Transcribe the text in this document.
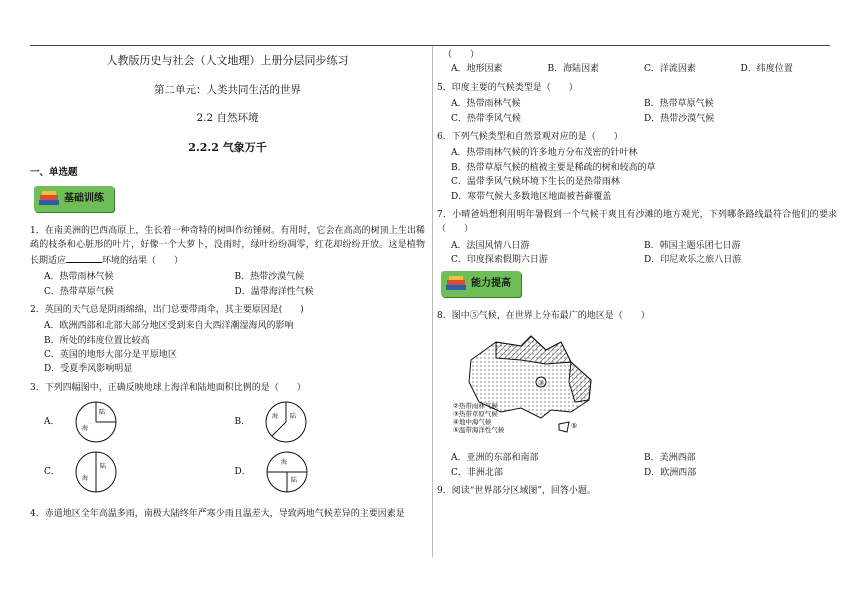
人教版历史与社会（人文地理）上册分层同步练习
第二单元：人类共同生活的世界
2.2 自然环境
2.2.2 气象万千
一、单选题
基础训练
1．在南美洲的巴西高原上，生长着一种奇特的树叫作纺锤树。有用时，它会在高高的树顶上生出稀疏的枝条和心脏形的叶片，好像一个大萝卜，没雨时，绿叶纷纷凋零，红花却纷纷开放。这是植物长期适应	环境的结果（　　）
A．热带雨林气候	B．热带沙漠气候
C．热带草原气候	D．温带海洋性气候
2．英国的天气总是阴雨绵绵，出门总要带雨伞，其主要原因是(　　)
A．欧洲西部和北部大部分地区受到来自大西洋潮湿海风的影响
B．所处的纬度位置比较高
C．英国的地形大部分是平原地区
D．受夏季风影响明显
3．下列四幅图中，正确反映地球上海洋和陆地面积比例的是（　　）
A．
陆
海
B．
陆
海
C．
陆
海
D．
陆
海
4．赤道地区全年高温多雨，南极大陆终年严寒少雨且温差大，导致两地气候差异的主要因素是
（　　）
A．地形因素	B．海陆因素	C．洋流因素	D．纬度位置
5．印度主要的气候类型是（　　）
A．热带雨林气候	B．热带草原气候
C．热带季风气候	D．热带沙漠气候
6．下列气候类型和自然景观对应的是（　　）
A．热带雨林气候的许多地方分布茂密的针叶林
B．热带草原气候的植被主要是稀疏的树和较高的草
C．温带季风气候环境下生长的是热带雨林
D．寒带气候大多数地区地面被苔藓覆盖
7．小晴爸妈想利用明年暑假到一个气候干爽且有沙滩的地方观光，下列哪条路线最符合他们的要求（　　）
A．法国风情八日游	B．韩国主题乐团七日游
C．印度探索假期六日游	D．印尼欢乐之旅八日游
能力提高
8．图中⑤气候，在世界上分布最广的地区是（　　）
③
⑤
②热带雨林气候
③热带草原气候
④地中海气候
⑤温带海洋性气候
A．亚洲的东部和南部	B．美洲西部
C．非洲北部	D．欧洲西部
9．阅读“世界部分区域图”，回答小题。
